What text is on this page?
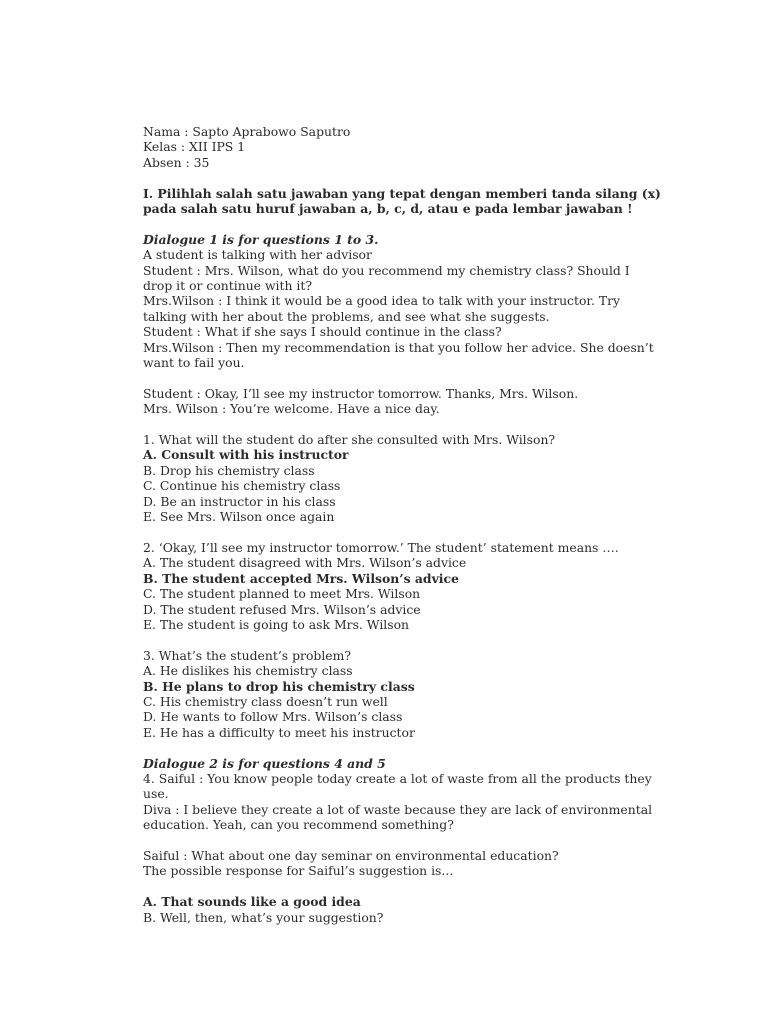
Nama : Sapto Aprabowo Saputro
Kelas : XII IPS 1
Absen : 35
I. Pilihlah salah satu jawaban yang tepat dengan memberi tanda silang (x)
pada salah satu huruf jawaban a, b, c, d, atau e pada lembar jawaban !
Dialogue 1 is for questions 1 to 3.
A student is talking with her advisor
Student : Mrs. Wilson, what do you recommend my chemistry class? Should I
drop it or continue with it?
Mrs.Wilson : I think it would be a good idea to talk with your instructor. Try
talking with her about the problems, and see what she suggests.
Student : What if she says I should continue in the class?
Mrs.Wilson : Then my recommendation is that you follow her advice. She doesn’t
want to fail you.
Student : Okay, I’ll see my instructor tomorrow. Thanks, Mrs. Wilson.
Mrs. Wilson : You’re welcome. Have a nice day.
1. What will the student do after she consulted with Mrs. Wilson?
A. Consult with his instructor
B. Drop his chemistry class
C. Continue his chemistry class
D. Be an instructor in his class
E. See Mrs. Wilson once again
2. ‘Okay, I’ll see my instructor tomorrow.’ The student’ statement means ….
A. The student disagreed with Mrs. Wilson’s advice
B. The student accepted Mrs. Wilson’s advice
C. The student planned to meet Mrs. Wilson
D. The student refused Mrs. Wilson’s advice
E. The student is going to ask Mrs. Wilson
3. What’s the student’s problem?
A. He dislikes his chemistry class
B. He plans to drop his chemistry class
C. His chemistry class doesn’t run well
D. He wants to follow Mrs. Wilson’s class
E. He has a difficulty to meet his instructor
Dialogue 2 is for questions 4 and 5
4. Saiful : You know people today create a lot of waste from all the products they
use.
Diva : I believe they create a lot of waste because they are lack of environmental
education. Yeah, can you recommend something?
Saiful : What about one day seminar on environmental education?
The possible response for Saiful’s suggestion is...
A. That sounds like a good idea
B. Well, then, what’s your suggestion?
